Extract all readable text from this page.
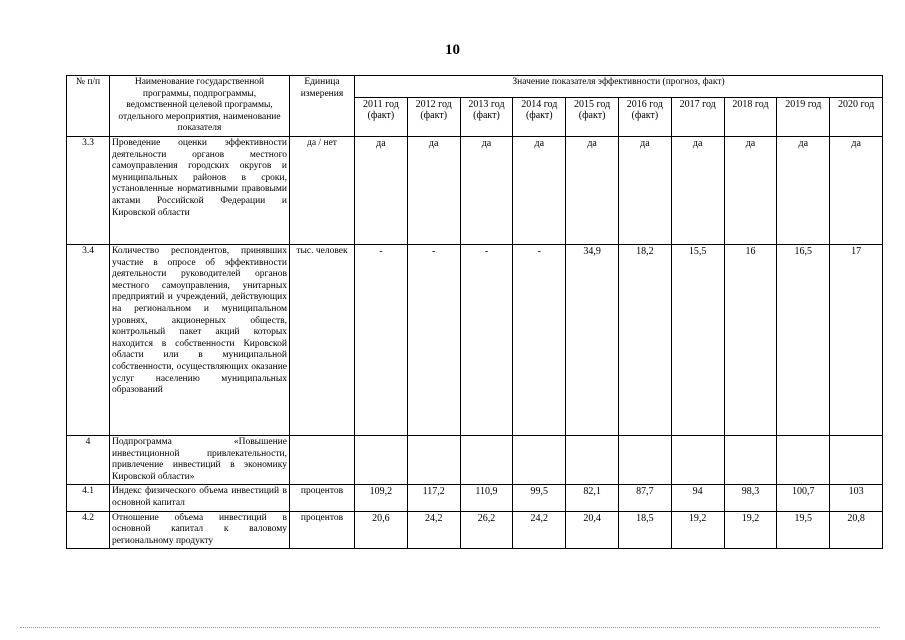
10
№ п/п	Наименование государственной программы, подпрограммы, ведомственной целевой программы, отдельного мероприятия, наименование показателя	Единица измерения	Значение показателя эффективности (прогноз, факт)									
			2011 год (факт)	2012 год (факт)	2013 год (факт)	2014 год (факт)	2015 год (факт)	2016 год (факт)	2017 год	2018 год	2019 год	2020 год
3.3	Проведение оценки эффективности деятельности органов местного самоуправления городских округов и муниципальных районов в сроки, установленные нормативными правовыми актами Российской Федерации и Кировской области	да / нет	да	да	да	да	да	да	да	да	да	да
3.4	Количество респондентов, принявших участие в опросе об эффективности деятельности руководителей органов местного самоуправления, унитарных предприятий и учреждений, действующих на региональном и муниципальном уровнях, акционерных обществ, контрольный пакет акций которых находится в собственности Кировской области или в муниципальной собственности, осуществляющих оказание услуг населению муниципальных образований	тыс. человек	-	-	-	-	34,9	18,2	15,5	16	16,5	17
4	Подпрограмма «Повышение инвестиционной привлекательности, привлечение инвестиций в экономику Кировской области»											
4.1	Индекс физического объема инвестиций в основной капитал	процентов	109,2	117,2	110,9	99,5	82,1	87,7	94	98,3	100,7	103
4.2	Отношение объема инвестиций в основной капитал к валовому региональному продукту	процентов	20,6	24,2	26,2	24,2	20,4	18,5	19,2	19,2	19,5	20,8
